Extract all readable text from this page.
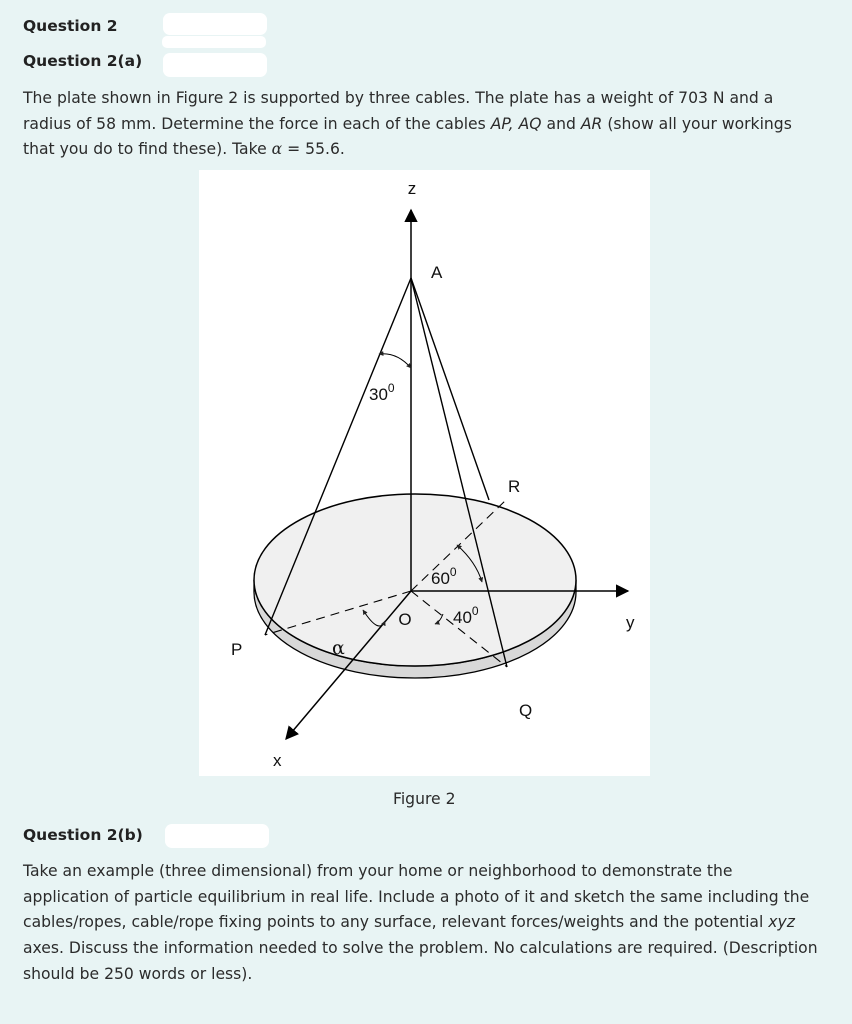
Question 2
Question 2(a)
The plate shown in Figure 2 is supported by three cables. The plate has a weight of 703 N and a radius of 58 mm. Determine the force in each of the cables AP, AQ and AR (show all your workings that you do to find these). Take α = 55.6.
z
A
R
O	y
P
Q
x
α
$30^0$
$60^0$
$40^0$
Figure 2
Question 2(b)
Take an example (three dimensional) from your home or neighborhood to demonstrate the application of particle equilibrium in real life. Include a photo of it and sketch the same including the cables/ropes, cable/rope fixing points to any surface, relevant forces/weights and the potential xyz axes. Discuss the information needed to solve the problem. No calculations are required. (Description should be 250 words or less).
